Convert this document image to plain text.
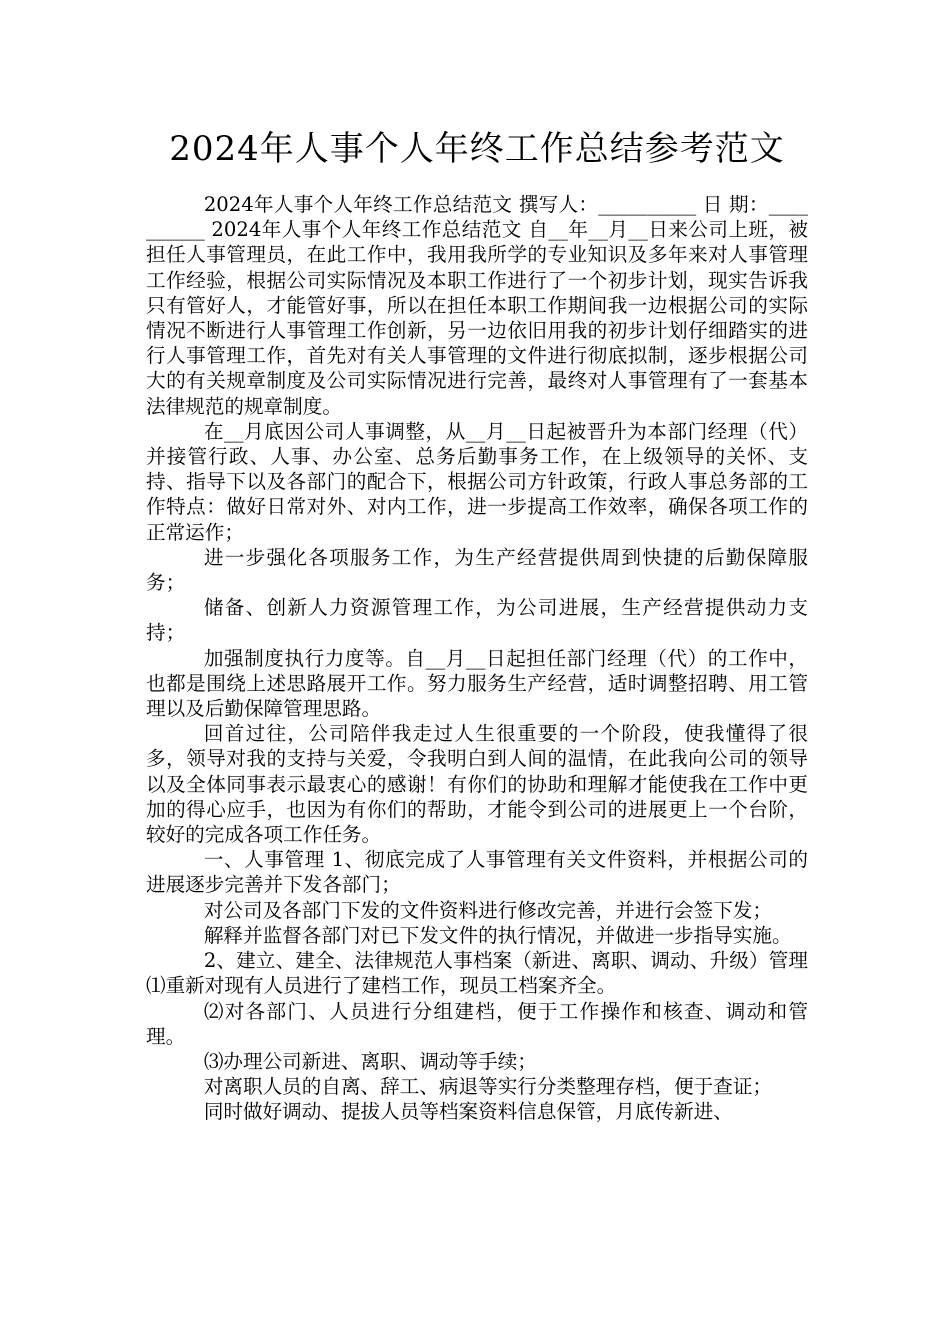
2024年人事个人年终工作总结参考范文

2024年人事个人年终工作总结范文 撰写人：__________ 日 期：__________ 2024年人事个人年终工作总结范文 自__年__月__日来公司上班，被担任人事管理员，在此工作中，我用我所学的专业知识及多年来对人事管理工作经验，根据公司实际情况及本职工作进行了一个初步计划，现实告诉我只有管好人，才能管好事，所以在担任本职工作期间我一边根据公司的实际情况不断进行人事管理工作创新，另一边依旧用我的初步计划仔细踏实的进行人事管理工作，首先对有关人事管理的文件进行彻底拟制，逐步根据公司大的有关规章制度及公司实际情况进行完善，最终对人事管理有了一套基本法律规范的规章制度。

在__月底因公司人事调整，从__月__日起被晋升为本部门经理（代）并接管行政、人事、办公室、总务后勤事务工作，在上级领导的关怀、支持、指导下以及各部门的配合下，根据公司方针政策，行政人事总务部的工作特点：做好日常对外、对内工作，进一步提高工作效率，确保各项工作的正常运作；

进一步强化各项服务工作，为生产经营提供周到快捷的后勤保障服务；

储备、创新人力资源管理工作，为公司进展，生产经营提供动力支持；

加强制度执行力度等。自__月__日起担任部门经理（代）的工作中，也都是围绕上述思路展开工作。努力服务生产经营，适时调整招聘、用工管理以及后勤保障管理思路。

回首过往，公司陪伴我走过人生很重要的一个阶段，使我懂得了很多，领导对我的支持与关爱，令我明白到人间的温情，在此我向公司的领导以及全体同事表示最衷心的感谢！有你们的协助和理解才能使我在工作中更加的得心应手，也因为有你们的帮助，才能令到公司的进展更上一个台阶，较好的完成各项工作任务。

一、人事管理 1、彻底完成了人事管理有关文件资料，并根据公司的进展逐步完善并下发各部门；

对公司及各部门下发的文件资料进行修改完善，并进行会签下发；

解释并监督各部门对已下发文件的执行情况，并做进一步指导实施。

2、建立、建全、法律规范人事档案（新进、离职、调动、升级）管理 ⑴重新对现有人员进行了建档工作，现员工档案齐全。

⑵对各部门、人员进行分组建档，便于工作操作和核查、调动和管理。

⑶办理公司新进、离职、调动等手续；

对离职人员的自离、辞工、病退等实行分类整理存档，便于查证；

同时做好调动、提拔人员等档案资料信息保管，月底传新进、
